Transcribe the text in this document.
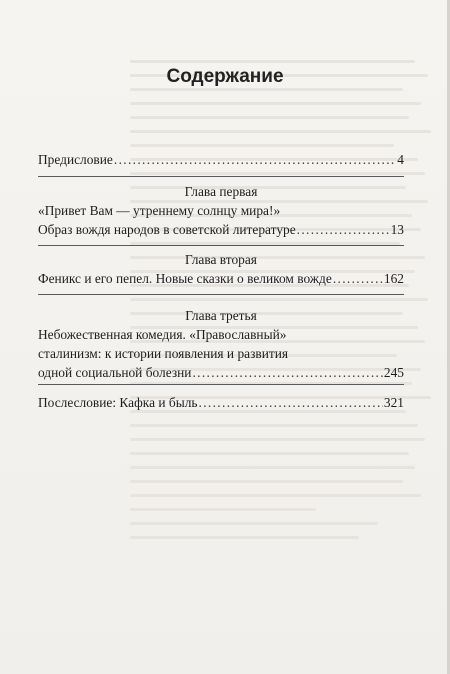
Содержание
Предисловие . . .	4
Глава первая
«Привет Вам — утреннему солнцу мира!»
Образ вождя народов в советской литературе . . .	13
Глава вторая
Феникс и его пепел. Новые сказки о великом вожде . . .	162
Глава третья
Небожественная комедия. «Православный»
сталинизм: к истории появления и развития
одной социальной болезни . . .	245
Послесловие: Кафка и быль . . .	321
